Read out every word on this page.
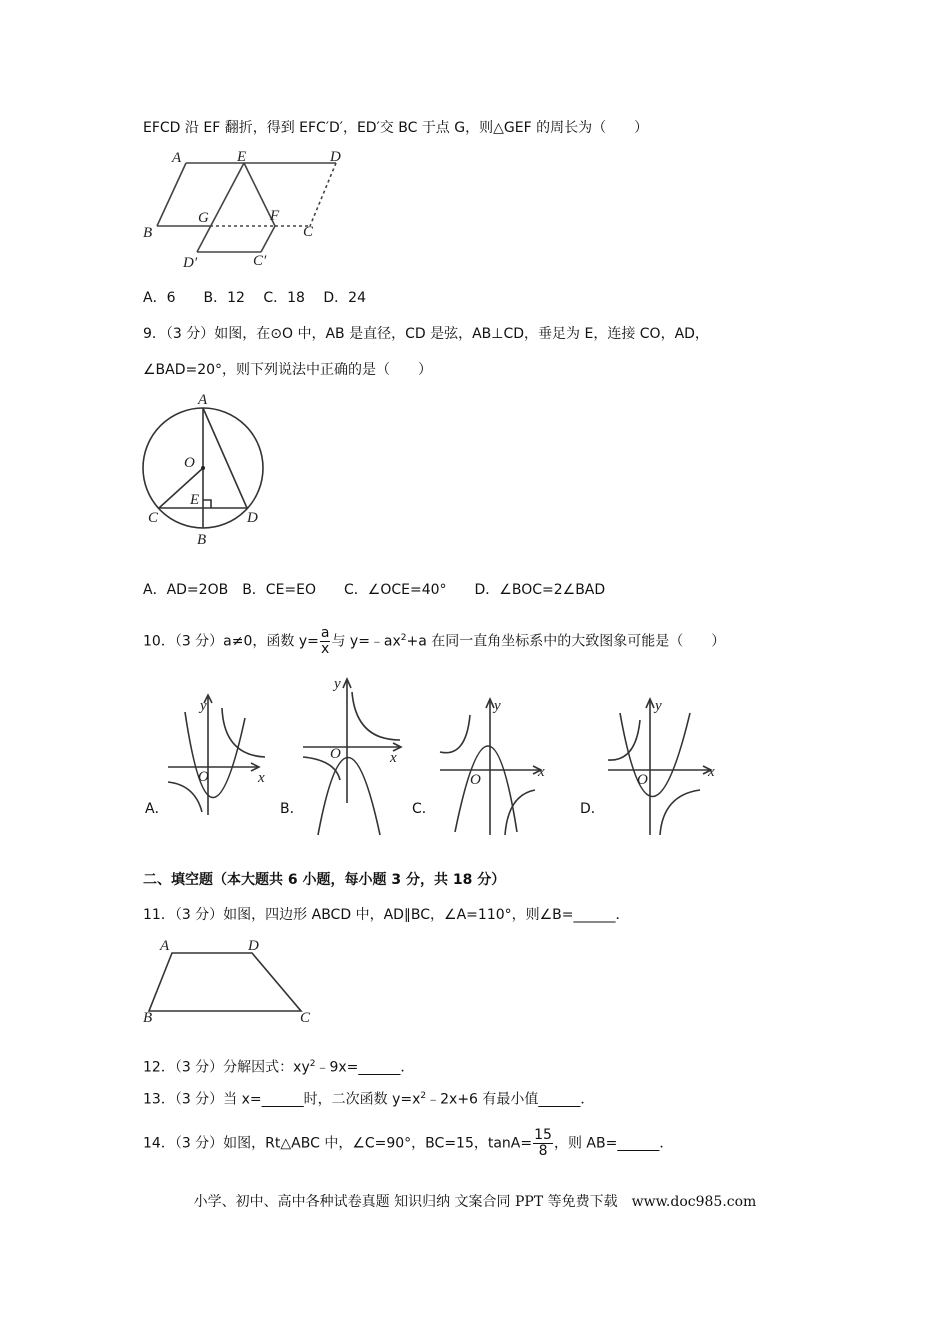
EFCD 沿 EF 翻折，得到 EFC′D′，ED′交 BC 于点 G，则△GEF 的周长为（　　）
A	E	D
B
G	F
C
D′	C′
A
O
E
C	D
B
y
x
O
y
x
O
y
x
O
y
x
O
A	D
B	C
A．6　　B．12　 C．18　 D．24
9．（3 分）如图，在⊙O 中，AB 是直径，CD 是弦，AB⊥CD，垂足为 E，连接 CO，AD，
∠BAD=20°，则下列说法中正确的是（　　）
A．AD=2OB　B．CE=EO　　C．∠OCE=40°　　D．∠BOC=2∠BAD
10．（3 分）a≠0，函数 $y= \frac{a}{x}$ 与 $y=﹣ax^2+a$ 在同一直角坐标系中的大致图象可能是（　　）
A．	B．	C．	D．
二、填空题（本大题共 6 小题，每小题 3 分，共 18 分）
11．（3 分）如图，四边形 ABCD 中，AD∥BC，∠A=110°，则∠B=______．
12．（3 分）分解因式：$xy^2﹣9x=\_\_\_\_\_\_$．
13．（3 分）当 x=______时，二次函数 $y=x^2﹣2x+6$ 有最小值______．
14．（3 分）如图，Rt△ABC 中，∠C=90°，BC=15，$\tan A= \frac{15}{8}$ ，则 AB=______．
小学、初中、高中各种试卷真题 知识归纳 文案合同 PPT 等免费下载　www.doc985.com
